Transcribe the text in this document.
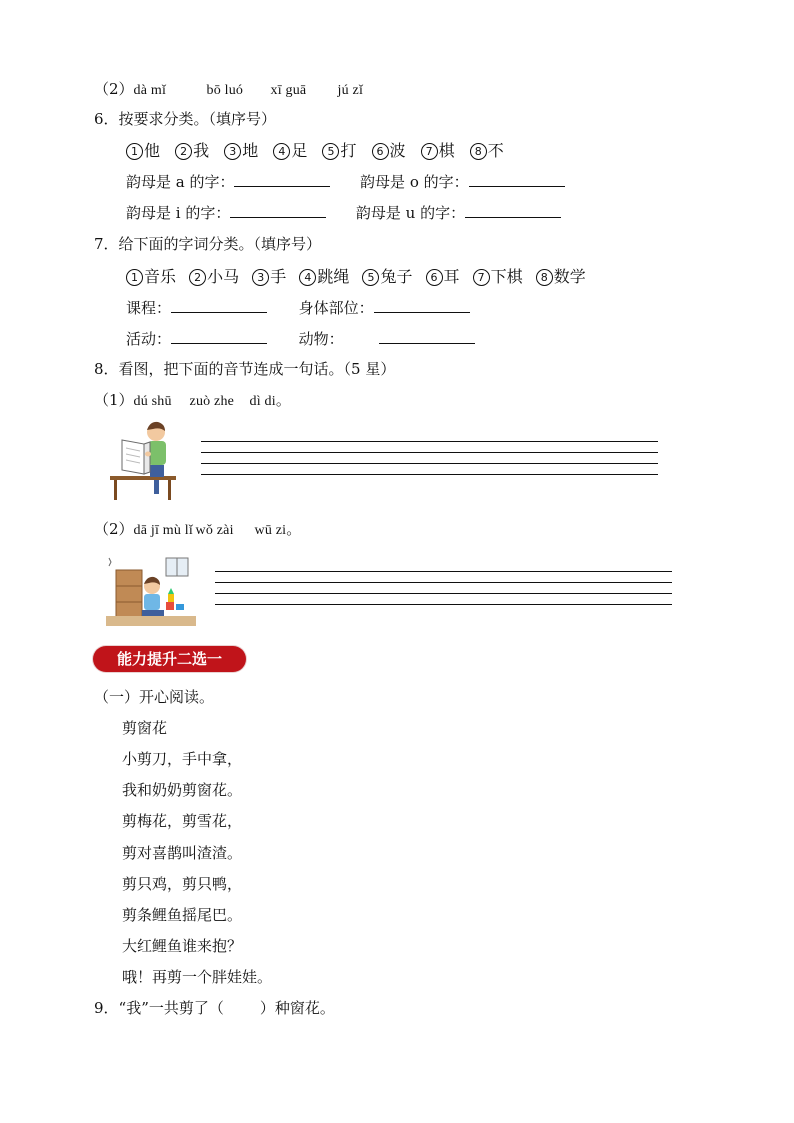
（2）dà mǐ	bō luó xī guā jú zǐ
6．按要求分类。（填序号）
1 他 2 我 3 地 4 足 5 打 6 波 7 棋 8 不
韵母是 a 的字：	韵母是 o 的字：
韵母是 i 的字：	韵母是 u 的字：
7．给下面的字词分类。（填序号）
1 音乐 2 小马 3 手 4 跳绳 5 兔子 6 耳 7 下棋 8 数学
课程：	身体部位：
活动：	动物：
8．看图，把下面的音节连成一句话。（5 星）
（1）dú shū zuò zhe dì di。
（2）dā jī mù lǐ wǒ zài wū zi。
能力提升二选一
（一）开心阅读。
剪窗花
小剪刀，手中拿，
我和奶奶剪窗花。
剪梅花，剪雪花，
剪对喜鹊叫渣渣。
剪只鸡，剪只鸭，
剪条鲤鱼摇尾巴。
大红鲤鱼谁来抱？
哦！再剪一个胖娃娃。
9．“我”一共剪了（ ）种窗花。
